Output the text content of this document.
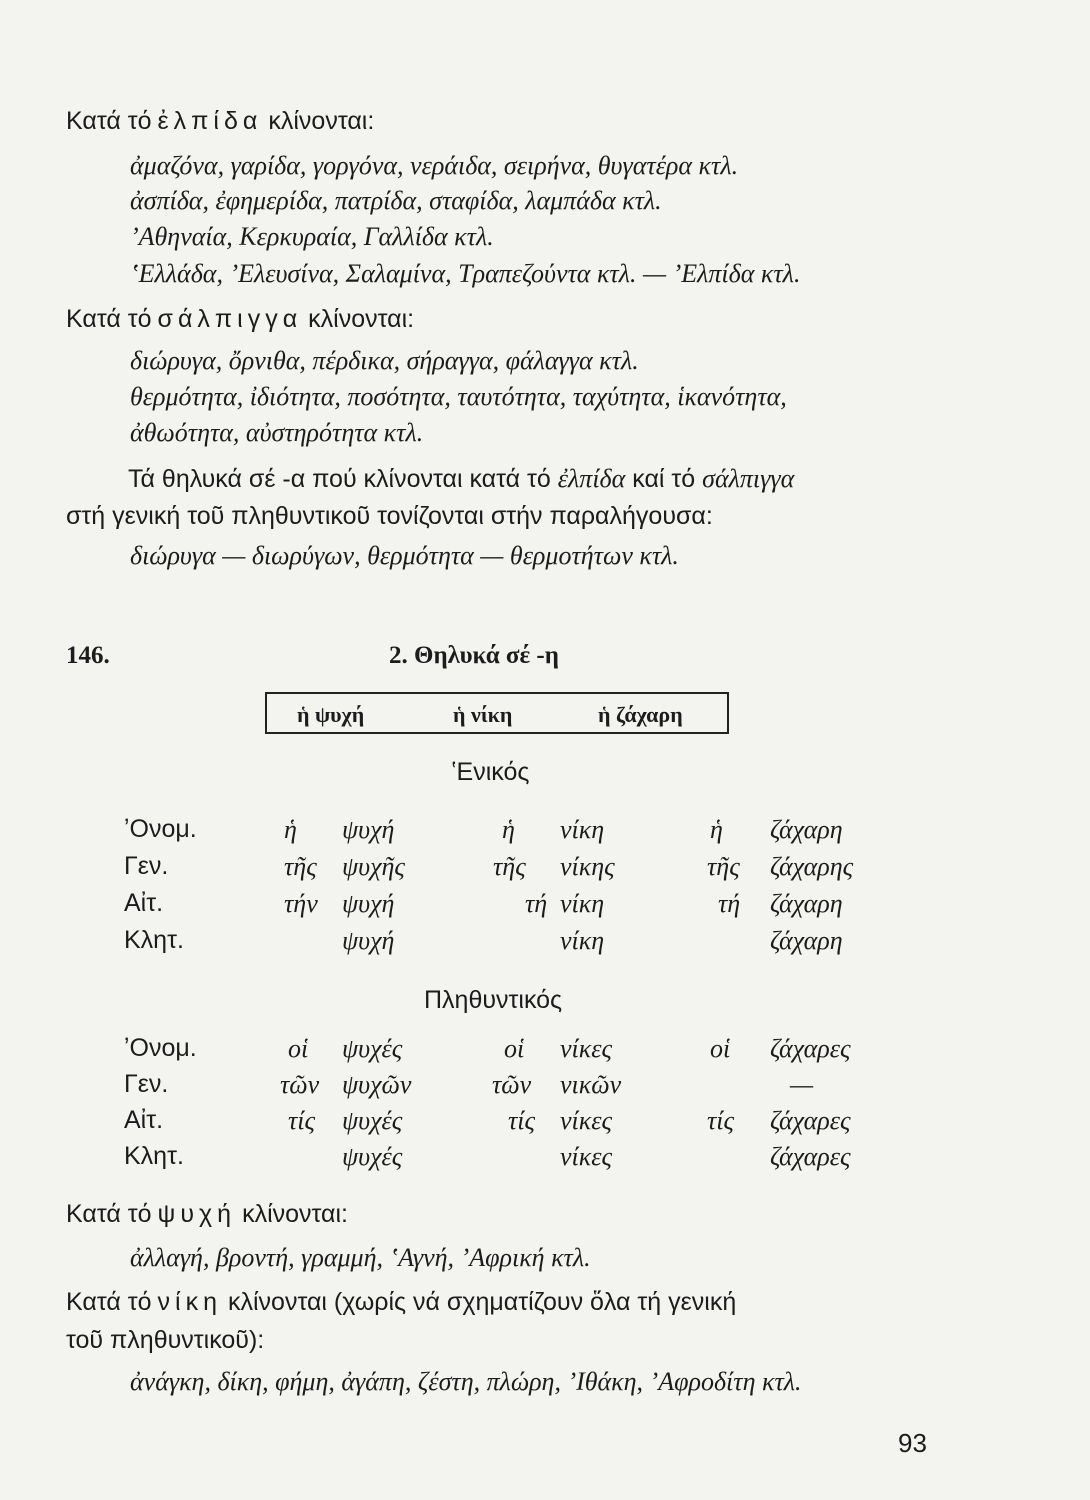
Κατά τό ἐλπίδα κλίνονται:
ἀμαζόνα, γαρίδα, γοργόνα, νεράιδα, σειρήνα, θυγατέρα κτλ.
ἀσπίδα, ἐφημερίδα, πατρίδα, σταφίδα, λαμπάδα κτλ.
ʼΑθηναία, Κερκυραία, Γαλλίδα κτλ.
ʽΕλλάδα, ʼΕλευσίνα, Σαλαμίνα, Τραπεζούντα κτλ. — ʼΕλπίδα κτλ.
Κατά τό σάλπιγγα κλίνονται:
διώρυγα, ὄρνιθα, πέρδικα, σήραγγα, φάλαγγα κτλ.
θερμότητα, ἰδιότητα, ποσότητα, ταυτότητα, ταχύτητα, ἱκανότητα,
ἀθωότητα, αὐστηρότητα κτλ.
Τά θηλυκά σέ -α πού κλίνονται κατά τό ἐλπίδα καί τό σάλπιγγα
στή γενική τοῦ πληθυντικοῦ τονίζονται στήν παραλήγουσα:
διώρυγα — διωρύγων, θερμότητα — θερμοτήτων κτλ.
146.	2. Θηλυκά σέ -η
ἡ ψυχή	ἡ νίκη	ἡ ζάχαρη
ʽΕνικός
ʼΟνομ.	ἡ ψυχή	ἡ νίκη	ἡ ζάχαρη
Γεν.	τῆς ψυχῆς	τῆς νίκης	τῆς ζάχαρης
Αἰτ.	τήν ψυχή	τή νίκη	τή ζάχαρη
Κλητ.	ψυχή	νίκη	ζάχαρη
Πληθυντικός
ʼΟνομ.	οἱ ψυχές	οἱ νίκες	οἱ ζάχαρες
Γεν.	τῶν ψυχῶν	τῶν νικῶν	—
Αἰτ.	τίς ψυχές	τίς νίκες	τίς ζάχαρες
Κλητ.	ψυχές	νίκες	ζάχαρες
Κατά τό ψυχή κλίνονται:
ἀλλαγή, βροντή, γραμμή, ʽΑγνή, ʼΑφρική κτλ.
Κατά τό νίκη κλίνονται (χωρίς νά σχηματίζουν ὅλα τή γενική
τοῦ πληθυντικοῦ):
ἀνάγκη, δίκη, φήμη, ἀγάπη, ζέστη, πλώρη, ʼΙθάκη, ʼΑφροδίτη κτλ.
93
